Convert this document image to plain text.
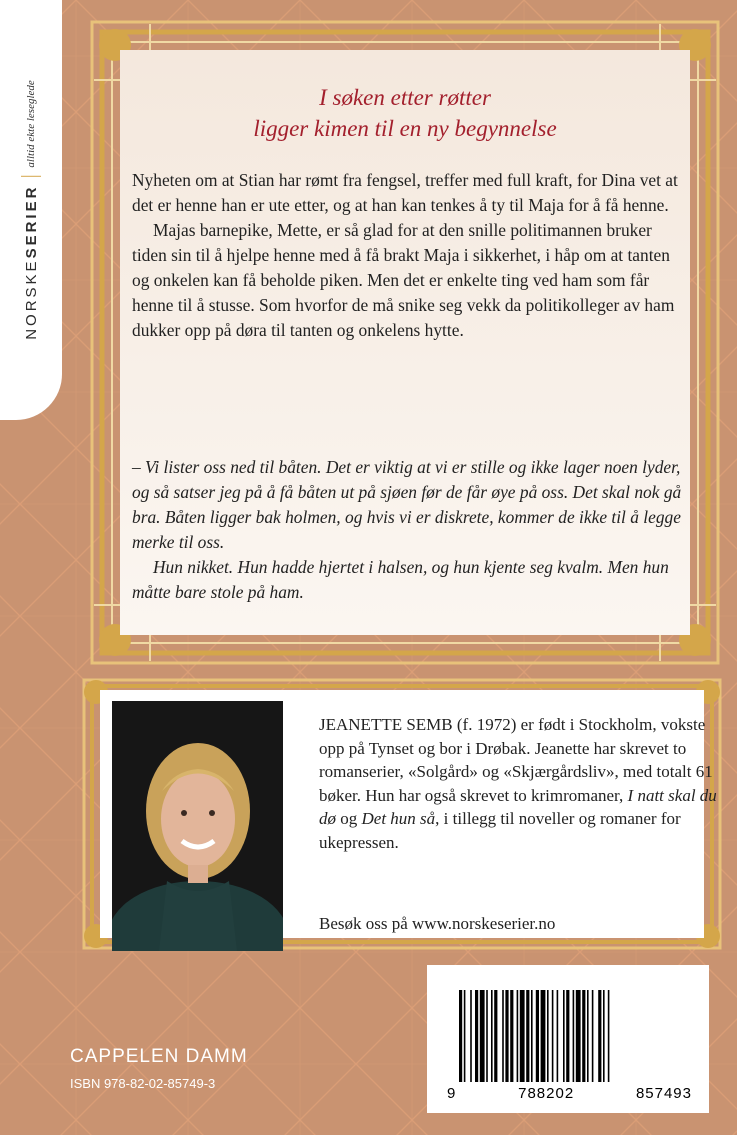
NORSKESERIER
alltid ekte leseglede	I søken etter røtter
ligger kimen til en ny begynnelse

Nyheten om at Stian har rømt fra fengsel, treffer med full kraft, for Dina vet at det er henne han er ute etter, og at han kan tenkes å ty til Maja for å få henne.

Majas barnepike, Mette, er så glad for at den snille politimannen bruker tiden sin til å hjelpe henne med å få brakt Maja i sikkerhet, i håp om at tanten og onkelen kan få beholde piken. Men det er enkelte ting ved ham som får henne til å stusse. Som hvorfor de må snike seg vekk da politikolleger av ham dukker opp på døra til tanten og onkelens hytte.

– Vi lister oss ned til båten. Det er viktig at vi er stille og ikke lager noen lyder, og så satser jeg på å få båten ut på sjøen før de får øye på oss. Det skal nok gå bra. Båten ligger bak holmen, og hvis vi er diskrete, kommer de ikke til å legge merke til oss.

Hun nikket. Hun hadde hjertet i halsen, og hun kjente seg kvalm. Men hun måtte bare stole på ham.

JEANETTE SEMB (f. 1972) er født i Stockholm, vokste opp på Tynset og bor i Drøbak. Jeanette har skrevet to romanserier, «Solgård» og «Skjærgårdsliv», med totalt 61 bøker. Hun har også skrevet to krimromaner, I natt skal du dø og Det hun så, i tillegg til noveller og romaner for ukepressen.

Besøk oss på www.norskeserier.no
CAPPELEN DAMM
ISBN 978-82-02-85749-3
9	788202	857493
